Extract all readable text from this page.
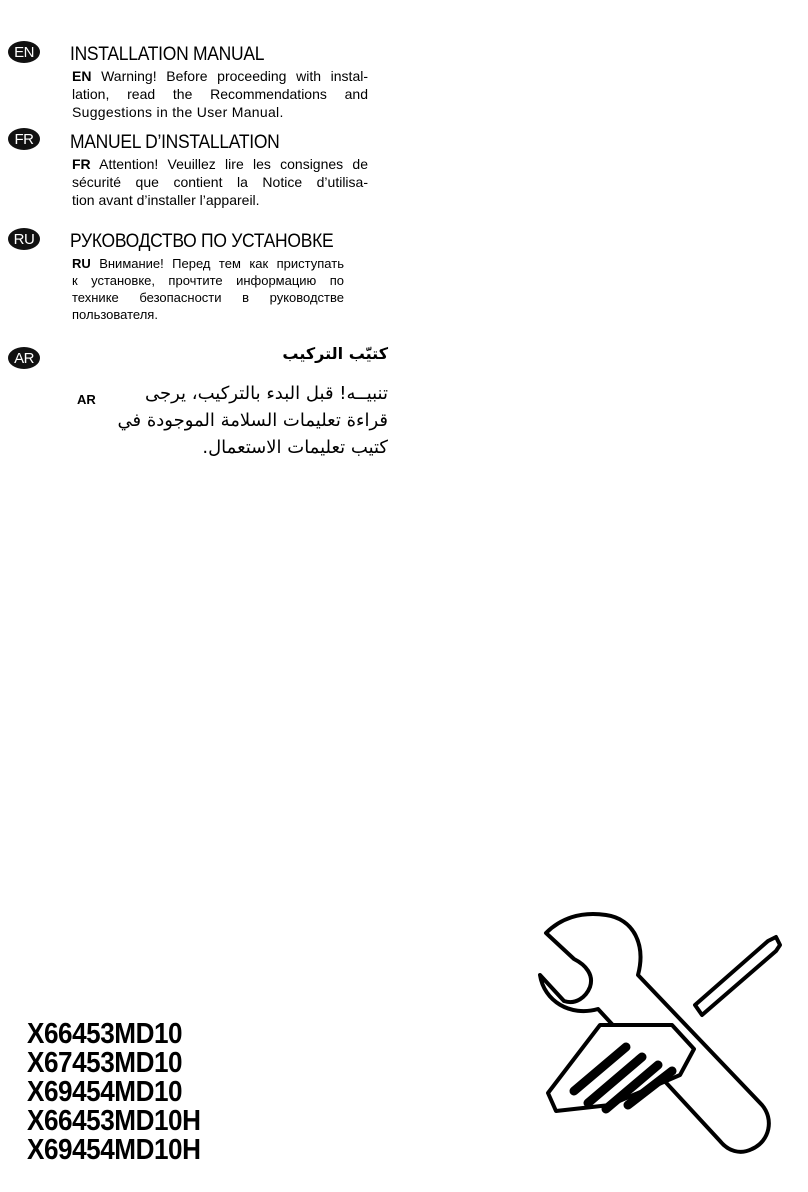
EN	INSTALLATION MANUAL
EN Warning! Before proceeding with instal-
lation, read the Recommendations and
Suggestions in the User Manual.
FR	MANUEL D’INSTALLATION
FR Attention! Veuillez lire les consignes de
sécurité que contient la Notice d’utilisa-
tion avant d’installer l’appareil.
RU РУКОВОДСТВО ПО УСТАНОВКЕ
RU Внимание! Перед тем как приступать
к установке, прочтите информацию по
технике безопасности в руководстве
пользователя.
AR	كتيّب التركيب
AR	تنبيــه! قبل البدء بالتركيب، يرجى
قراءة تعليمات السلامة الموجودة في
كتيب تعليمات الاستعمال.
X66453MD10
X67453MD10
X69454MD10
X66453MD10H
X69454MD10H
